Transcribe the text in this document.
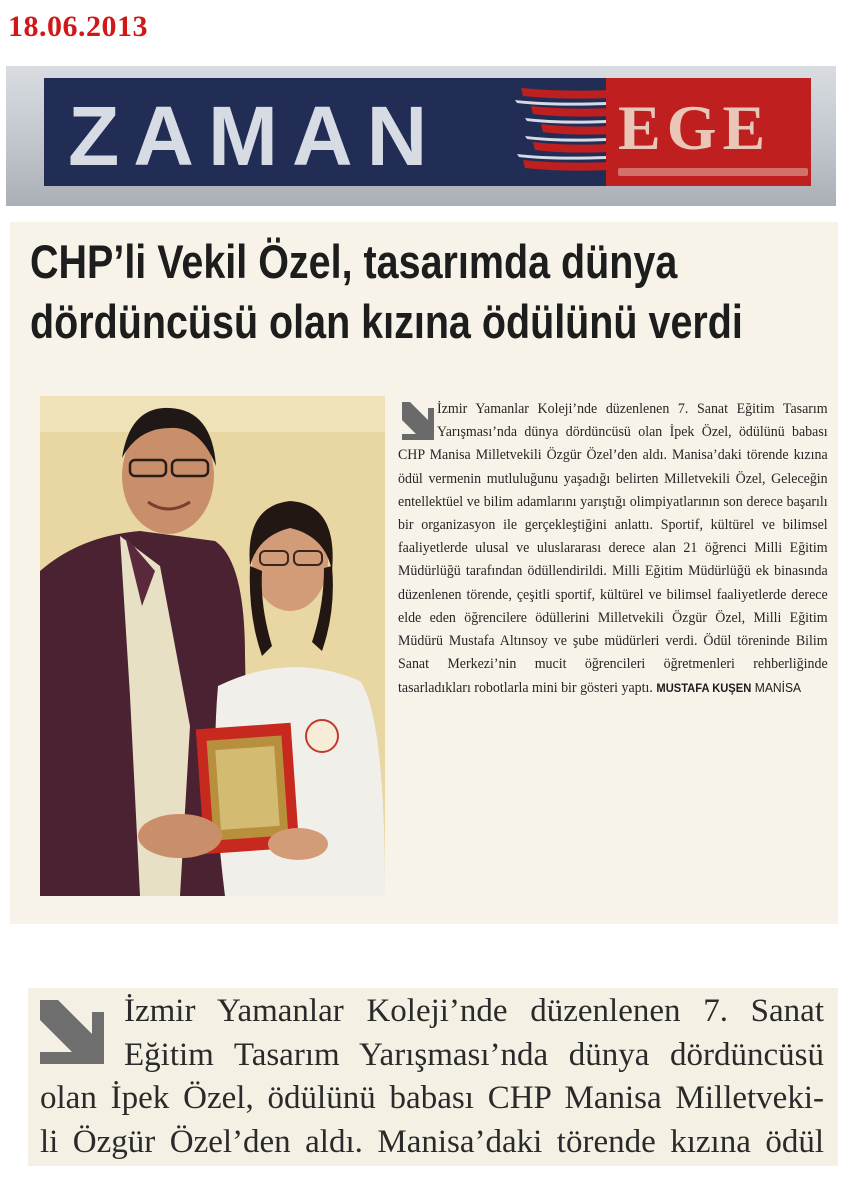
18.06.2013
ZAMAN	EGE
CHP’li Vekil Özel, tasarımda dünya
dördüncüsü olan kızına ödülünü verdi

İzmir Yamanlar Koleji’nde düzenlenen 7. Sanat Eğitim Tasarım Yarışması’nda dünya dördüncüsü olan İpek Özel, ödülünü babası CHP Manisa Milletvekili Özgür Özel’den aldı. Manisa’daki törende kızına ödül vermenin mutluluğunu yaşadığı belirten Milletvekili Özel, Geleceğin entellektüel ve bilim adamlarını yarıştığı olimpiyatlarının son derece başarılı bir organizasyon ile gerçekleştiğini anlattı. Sportif, kültürel ve bilimsel faaliyetlerde ulusal ve uluslararası derece alan 21 öğrenci Milli Eğitim Müdürlüğü tarafından ödüllendirildi. Milli Eğitim Müdürlüğü ek binasında düzenlenen törende, çeşitli sportif, kültürel ve bilimsel faaliyetlerde derece elde eden öğrencilere ödüllerini Milletvekili Özgür Özel, Milli Eğitim Müdürü Mustafa Altınsoy ve şube müdürleri verdi. Ödül töreninde Bilim Sanat Merkezi’nin mucit öğrencileri öğretmenleri rehberliğinde tasarladıkları robotlarla mini bir gösteri yaptı. MUSTAFA KUŞEN MANİSA

İzmir Yamanlar Koleji’nde düzenlenen 7. Sanat
Eğitim Tasarım Yarışması’nda dünya dördüncüsü
olan İpek Özel, ödülünü babası CHP Manisa Milletveki-
li Özgür Özel’den aldı. Manisa’daki törende kızına ödül
